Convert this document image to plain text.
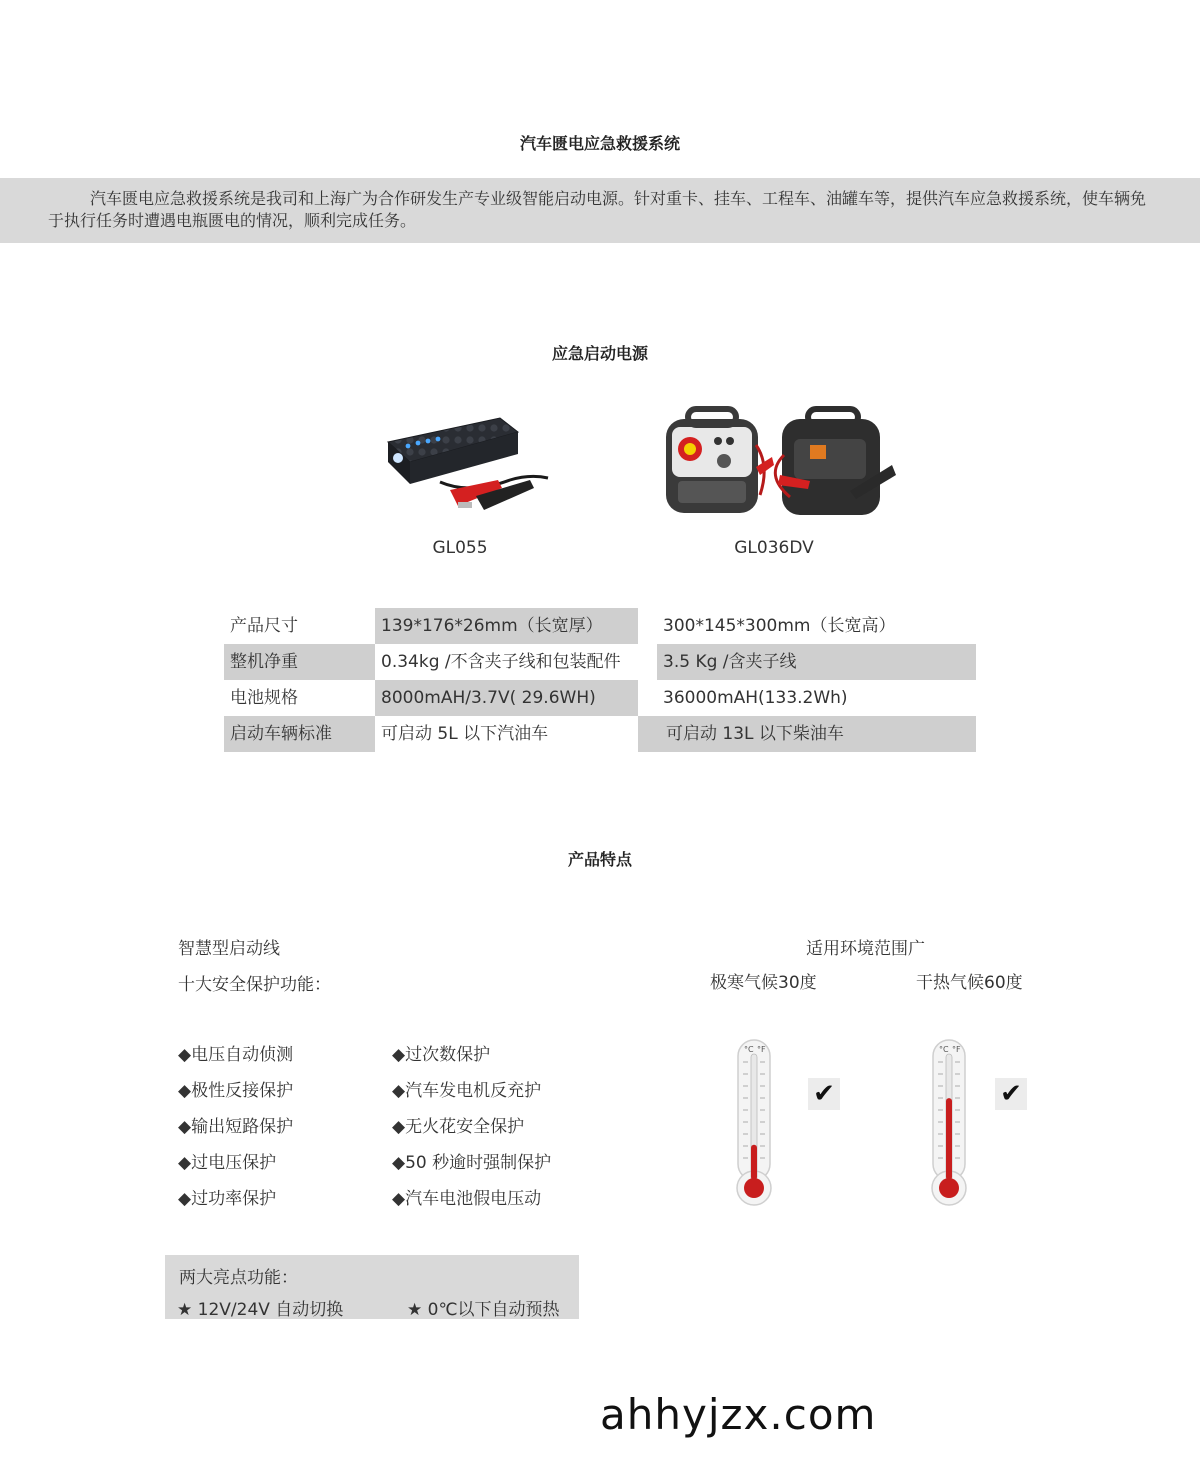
汽车匮电应急救援系统

汽车匮电应急救援系统是我司和上海广为合作研发生产专业级智能启动电源。针对重卡、挂车、工程车、油罐车等，提供汽车应急救援系统，使车辆免于执行任务时遭遇电瓶匮电的情况，顺利完成任务。

应急启动电源
GL055	GL036DV
产品尺寸	139*176*26mm（长宽厚）	300*145*300mm（长宽高）
整机净重	0.34kg /不含夹子线和包装配件	3.5 Kg /含夹子线
电池规格	8000mAH/3.7V( 29.6WH)	36000mAH(133.2Wh)
启动车辆标准	可启动 5L 以下汽油车	可启动 13L 以下柴油车
产品特点
智慧型启动线
十大安全保护功能：
◆电压自动侦测
◆极性反接保护
◆输出短路保护
◆过电压保护
◆过功率保护
◆过次数保护
◆汽车发电机反充护
◆无火花安全保护
◆50 秒逾时强制保护
◆汽车电池假电压动
两大亮点功能：
★ 12V/24V 自动切换	★ 0℃以下自动预热
适用环境范围广
极寒气候30度	干热气候60度
°C °F
✔
°C °F
✔
ahhyjzx.com
